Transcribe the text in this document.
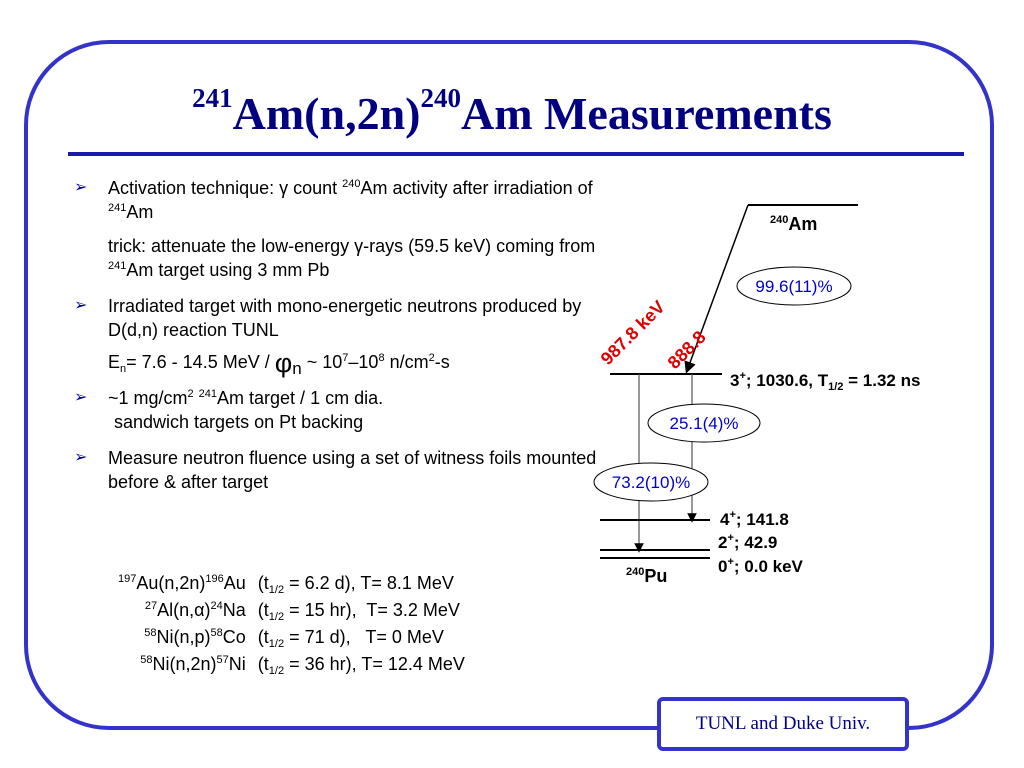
$^{241}Am(n,2n)^{240}Am$ Measurements
➢ Activation technique: γ count $^{240}$Am activity after irradiation of $^{241}$Am

trick: attenuate the low-energy γ-rays (59.5 keV) coming from $^{241}$Am target using 3 mm Pb

➢ Irradiated target with mono-energetic neutrons produced by D(d,n) reaction TUNL

$E_n= 7.6 - 14.5$ MeV / φn ~ $10^7-10^8$ $n/cm^2-s$

➢ ~1 $mg/cm^2$ $^{241}$Am target / 1 cm dia.

sandwich targets on Pt backing

➢ Measure neutron fluence using a set of witness foils mounted before & after target

$^{197}Au(n,2n)^{196}Au$	($t_{1/2} = 6.2$ d), T= 8.1 MeV
$^{27}Al(n,\alpha)^{24}Na$	($t_{1/2} = 15$ hr), T= 3.2 MeV
$^{58}Ni(n,p)^{58}Co$	($t_{1/2} = 71$ d), T= 0 MeV
$^{58}Ni(n,2n)^{57}Ni$	($t_{1/2} = 36$ hr), T= 12.4 MeV
$^{240}$Am
99.6(11)%
3+; 1030.6, $T_{1/2} = 1.32$ ns
987.8 keV
888.8
25.1(4)%
73.2(10)%
4+; 141.8
2+; 42.9
0+; 0.0 keV
$^{240}$Pu
TUNL and Duke Univ.
